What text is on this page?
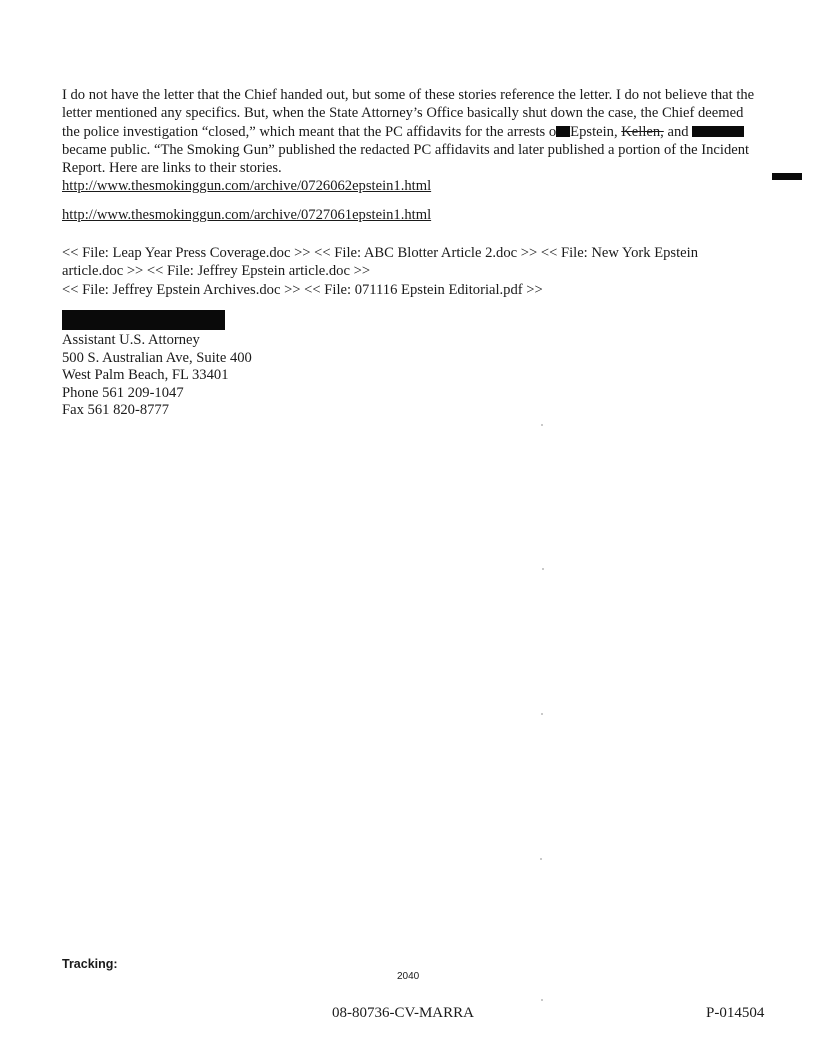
I do not have the letter that the Chief handed out, but some of these stories reference the letter. I do not believe that the letter mentioned any specifics. But, when the State Attorney’s Office basically shut down the case, the Chief deemed the police investigation “closed,” which meant that the PC affidavits for the arrests o Epstein, Kellen, and became public. “The Smoking Gun” published the redacted PC affidavits and later published a portion of the Incident Report. Here are links to their stories.
http://www.thesmokinggun.com/archive/0726062epstein1.html

http://www.thesmokinggun.com/archive/0727061epstein1.html

<< File: Leap Year Press Coverage.doc >> << File: ABC Blotter Article 2.doc >> << File: New York Epstein article.doc >> << File: Jeffrey Epstein article.doc >>

<< File: Jeffrey Epstein Archives.doc >> << File: 071116 Epstein Editorial.pdf >>

Assistant U.S. Attorney
500 S. Australian Ave, Suite 400
West Palm Beach, FL 33401
Phone 561 209-1047
Fax 561 820-8777
Tracking:
2040
08-80736-CV-MARRA	P-014504
